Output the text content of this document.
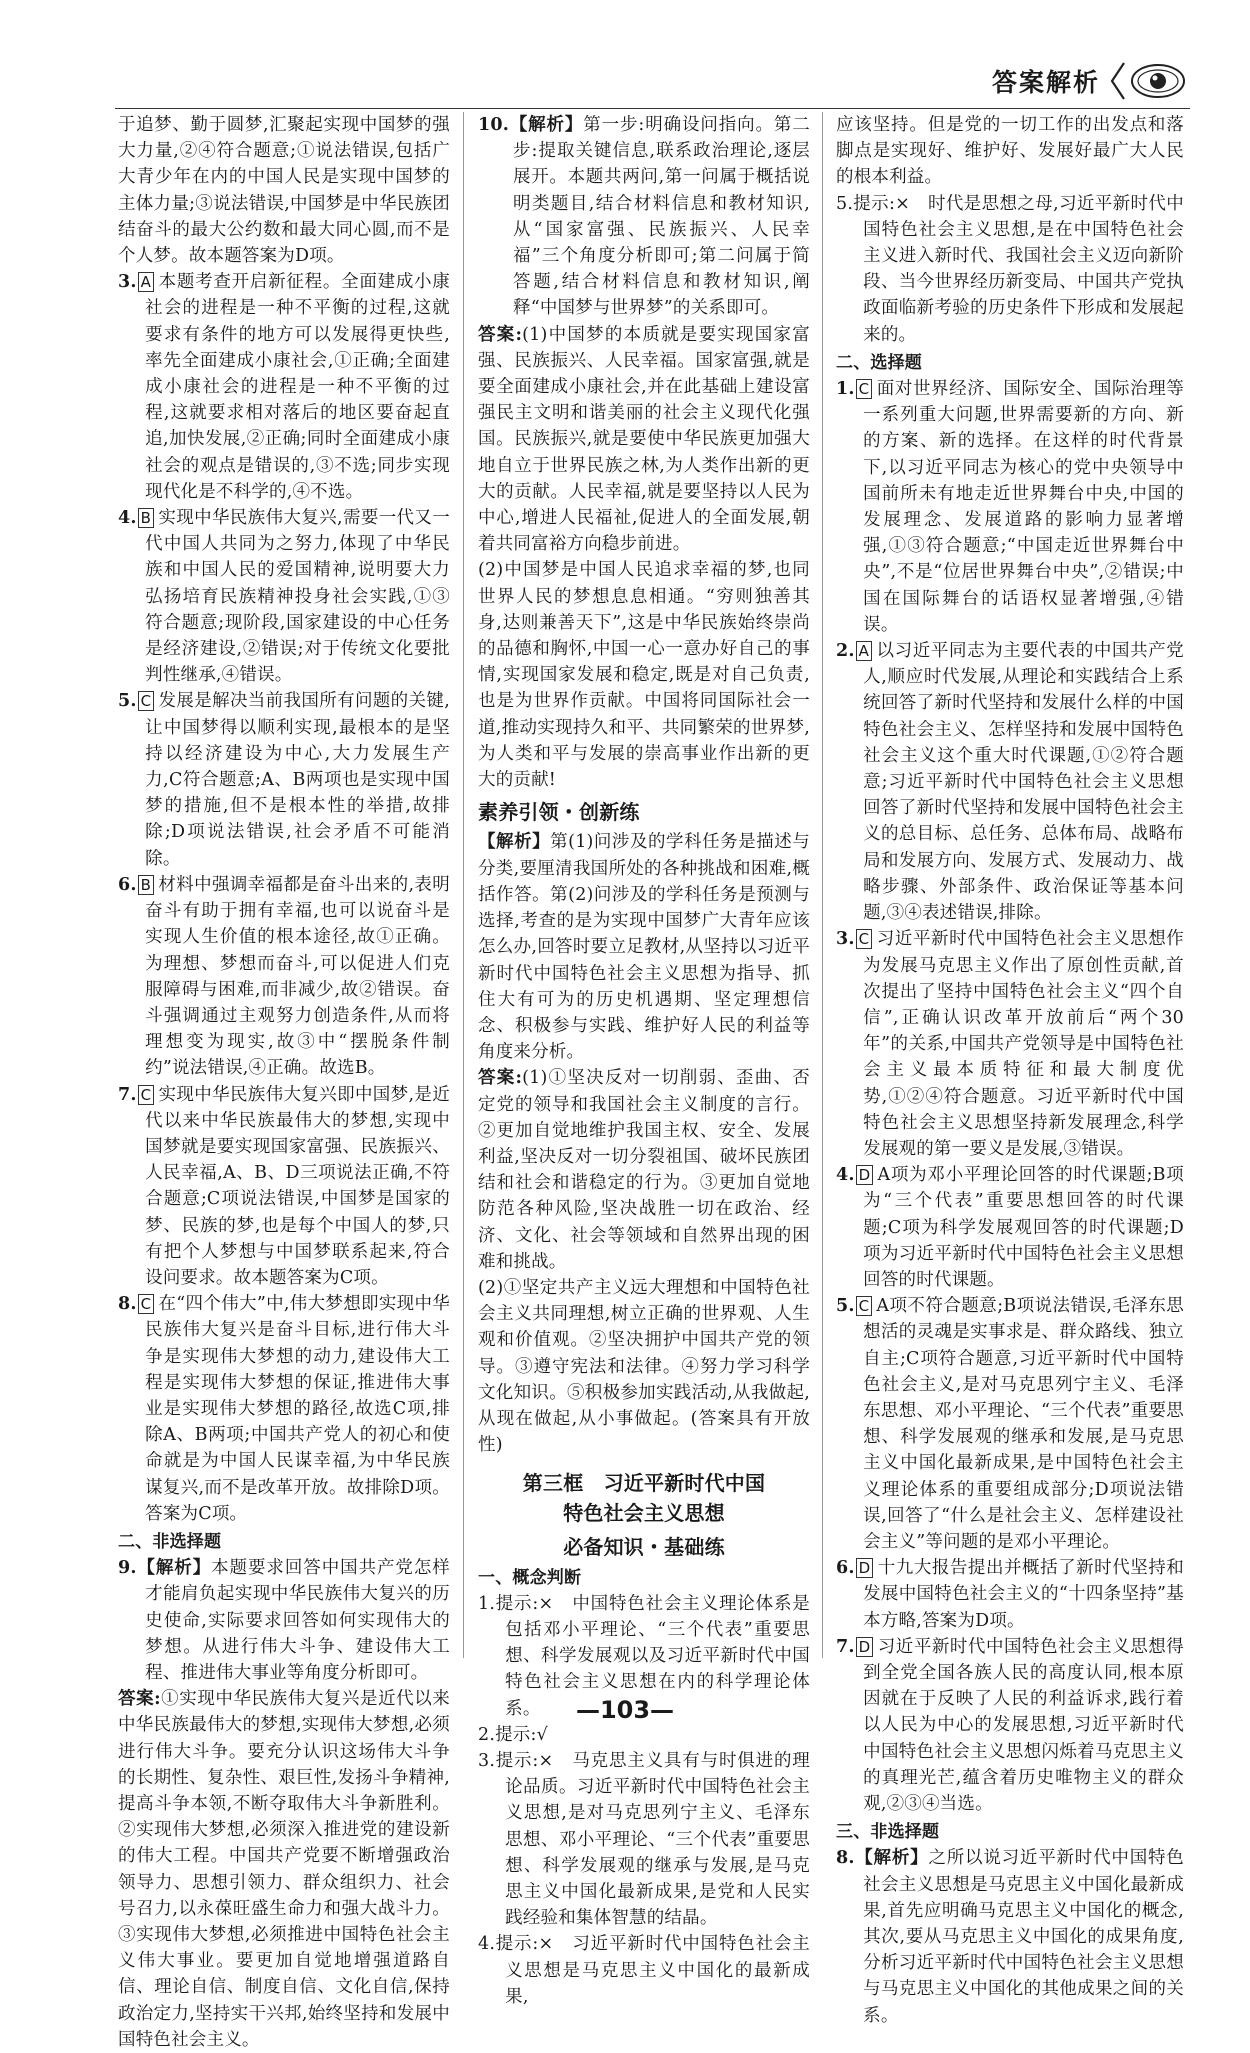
答案解析

于追梦、勤于圆梦,汇聚起实现中国梦的强大力量,②④符合题意;①说法错误,包括广大青少年在内的中国人民是实现中国梦的主体力量;③说法错误,中国梦是中华民族团结奋斗的最大公约数和最大同心圆,而不是个人梦。故本题答案为D项。

3. A 本题考查开启新征程。全面建成小康社会的进程是一种不平衡的过程,这就要求有条件的地方可以发展得更快些,率先全面建成小康社会,①正确;全面建成小康社会的进程是一种不平衡的过程,这就要求相对落后的地区要奋起直追,加快发展,②正确;同时全面建成小康社会的观点是错误的,③不选;同步实现现代化是不科学的,④不选。

4. B 实现中华民族伟大复兴,需要一代又一代中国人共同为之努力,体现了中华民族和中国人民的爱国精神,说明要大力弘扬培育民族精神投身社会实践,①③符合题意;现阶段,国家建设的中心任务是经济建设,②错误;对于传统文化要批判性继承,④错误。

5. C 发展是解决当前我国所有问题的关键,让中国梦得以顺利实现,最根本的是坚持以经济建设为中心,大力发展生产力,C符合题意;A、B两项也是实现中国梦的措施,但不是根本性的举措,故排除;D项说法错误,社会矛盾不可能消除。

6. B 材料中强调幸福都是奋斗出来的,表明奋斗有助于拥有幸福,也可以说奋斗是实现人生价值的根本途径,故①正确。为理想、梦想而奋斗,可以促进人们克服障碍与困难,而非减少,故②错误。奋斗强调通过主观努力创造条件,从而将理想变为现实,故③中“摆脱条件制约”说法错误,④正确。故选B。

7. C 实现中华民族伟大复兴即中国梦,是近代以来中华民族最伟大的梦想,实现中国梦就是要实现国家富强、民族振兴、人民幸福,A、B、D三项说法正确,不符合题意;C项说法错误,中国梦是国家的梦、民族的梦,也是每个中国人的梦,只有把个人梦想与中国梦联系起来,符合设问要求。故本题答案为C项。

8. C 在“四个伟大”中,伟大梦想即实现中华民族伟大复兴是奋斗目标,进行伟大斗争是实现伟大梦想的动力,建设伟大工程是实现伟大梦想的保证,推进伟大事业是实现伟大梦想的路径,故选C项,排除A、B两项;中国共产党人的初心和使命就是为中国人民谋幸福,为中华民族谋复兴,而不是改革开放。故排除D项。答案为C项。

二、非选择题

9.【解析】本题要求回答中国共产党怎样才能肩负起实现中华民族伟大复兴的历史使命,实际要求回答如何实现伟大的梦想。从进行伟大斗争、建设伟大工程、推进伟大事业等角度分析即可。

答案:①实现中华民族伟大复兴是近代以来中华民族最伟大的梦想,实现伟大梦想,必须进行伟大斗争。要充分认识这场伟大斗争的长期性、复杂性、艰巨性,发扬斗争精神,提高斗争本领,不断夺取伟大斗争新胜利。②实现伟大梦想,必须深入推进党的建设新的伟大工程。中国共产党要不断增强政治领导力、思想引领力、群众组织力、社会号召力,以永葆旺盛生命力和强大战斗力。③实现伟大梦想,必须推进中国特色社会主义伟大事业。要更加自觉地增强道路自信、理论自信、制度自信、文化自信,保持政治定力,坚持实干兴邦,始终坚持和发展中国特色社会主义。

10.【解析】第一步:明确设问指向。第二步:提取关键信息,联系政治理论,逐层展开。本题共两问,第一问属于概括说明类题目,结合材料信息和教材知识,从“国家富强、民族振兴、人民幸福”三个角度分析即可;第二问属于简答题,结合材料信息和教材知识,阐释“中国梦与世界梦”的关系即可。

答案:(1)中国梦的本质就是要实现国家富强、民族振兴、人民幸福。国家富强,就是要全面建成小康社会,并在此基础上建设富强民主文明和谐美丽的社会主义现代化强国。民族振兴,就是要使中华民族更加强大地自立于世界民族之林,为人类作出新的更大的贡献。人民幸福,就是要坚持以人民为中心,增进人民福祉,促进人的全面发展,朝着共同富裕方向稳步前进。

(2)中国梦是中国人民追求幸福的梦,也同世界人民的梦想息息相通。“穷则独善其身,达则兼善天下”,这是中华民族始终崇尚的品德和胸怀,中国一心一意办好自己的事情,实现国家发展和稳定,既是对自己负责,也是为世界作贡献。中国将同国际社会一道,推动实现持久和平、共同繁荣的世界梦,为人类和平与发展的崇高事业作出新的更大的贡献!

素养引领・创新练

【解析】第(1)问涉及的学科任务是描述与分类,要厘清我国所处的各种挑战和困难,概括作答。第(2)问涉及的学科任务是预测与选择,考查的是为实现中国梦广大青年应该怎么办,回答时要立足教材,从坚持以习近平新时代中国特色社会主义思想为指导、抓住大有可为的历史机遇期、坚定理想信念、积极参与实践、维护好人民的利益等角度来分析。

答案:(1)①坚决反对一切削弱、歪曲、否定党的领导和我国社会主义制度的言行。②更加自觉地维护我国主权、安全、发展利益,坚决反对一切分裂祖国、破坏民族团结和社会和谐稳定的行为。③更加自觉地防范各种风险,坚决战胜一切在政治、经济、文化、社会等领域和自然界出现的困难和挑战。

(2)①坚定共产主义远大理想和中国特色社会主义共同理想,树立正确的世界观、人生观和价值观。②坚决拥护中国共产党的领导。③遵守宪法和法律。④努力学习科学文化知识。⑤积极参加实践活动,从我做起,从现在做起,从小事做起。(答案具有开放性)

第三框　习近平新时代中国
特色社会主义思想

必备知识・基础练

一、概念判断

1.提示:×　中国特色社会主义理论体系是包括邓小平理论、“三个代表”重要思想、科学发展观以及习近平新时代中国特色社会主义思想在内的科学理论体系。

2.提示:√

3.提示:×　马克思主义具有与时俱进的理论品质。习近平新时代中国特色社会主义思想,是对马克思列宁主义、毛泽东思想、邓小平理论、“三个代表”重要思想、科学发展观的继承与发展,是马克思主义中国化最新成果,是党和人民实践经验和集体智慧的结晶。

4.提示:×　习近平新时代中国特色社会主义思想是马克思主义中国化的最新成果,

应该坚持。但是党的一切工作的出发点和落脚点是实现好、维护好、发展好最广大人民的根本利益。

5.提示:×　时代是思想之母,习近平新时代中国特色社会主义思想,是在中国特色社会主义进入新时代、我国社会主义迈向新阶段、当今世界经历新变局、中国共产党执政面临新考验的历史条件下形成和发展起来的。

二、选择题

1. C 面对世界经济、国际安全、国际治理等一系列重大问题,世界需要新的方向、新的方案、新的选择。在这样的时代背景下,以习近平同志为核心的党中央领导中国前所未有地走近世界舞台中央,中国的发展理念、发展道路的影响力显著增强,①③符合题意;“中国走近世界舞台中央”,不是“位居世界舞台中央”,②错误;中国在国际舞台的话语权显著增强,④错误。

2. A 以习近平同志为主要代表的中国共产党人,顺应时代发展,从理论和实践结合上系统回答了新时代坚持和发展什么样的中国特色社会主义、怎样坚持和发展中国特色社会主义这个重大时代课题,①②符合题意;习近平新时代中国特色社会主义思想回答了新时代坚持和发展中国特色社会主义的总目标、总任务、总体布局、战略布局和发展方向、发展方式、发展动力、战略步骤、外部条件、政治保证等基本问题,③④表述错误,排除。

3. C 习近平新时代中国特色社会主义思想作为发展马克思主义作出了原创性贡献,首次提出了坚持中国特色社会主义“四个自信”,正确认识改革开放前后“两个30年”的关系,中国共产党领导是中国特色社会主义最本质特征和最大制度优势,①②④符合题意。习近平新时代中国特色社会主义思想坚持新发展理念,科学发展观的第一要义是发展,③错误。

4. D A项为邓小平理论回答的时代课题;B项为“三个代表”重要思想回答的时代课题;C项为科学发展观回答的时代课题;D项为习近平新时代中国特色社会主义思想回答的时代课题。

5. C A项不符合题意;B项说法错误,毛泽东思想活的灵魂是实事求是、群众路线、独立自主;C项符合题意,习近平新时代中国特色社会主义,是对马克思列宁主义、毛泽东思想、邓小平理论、“三个代表”重要思想、科学发展观的继承和发展,是马克思主义中国化最新成果,是中国特色社会主义理论体系的重要组成部分;D项说法错误,回答了“什么是社会主义、怎样建设社会主义”等问题的是邓小平理论。

6. D 十九大报告提出并概括了新时代坚持和发展中国特色社会主义的“十四条坚持”基本方略,答案为D项。

7. D 习近平新时代中国特色社会主义思想得到全党全国各族人民的高度认同,根本原因就在于反映了人民的利益诉求,践行着以人民为中心的发展思想,习近平新时代中国特色社会主义思想闪烁着马克思主义的真理光芒,蕴含着历史唯物主义的群众观,②③④当选。

三、非选择题

8.【解析】之所以说习近平新时代中国特色社会主义思想是马克思主义中国化最新成果,首先应明确马克思主义中国化的概念,其次,要从马克思主义中国化的成果角度,分析习近平新时代中国特色社会主义思想与马克思主义中国化的其他成果之间的关系。

—103—
